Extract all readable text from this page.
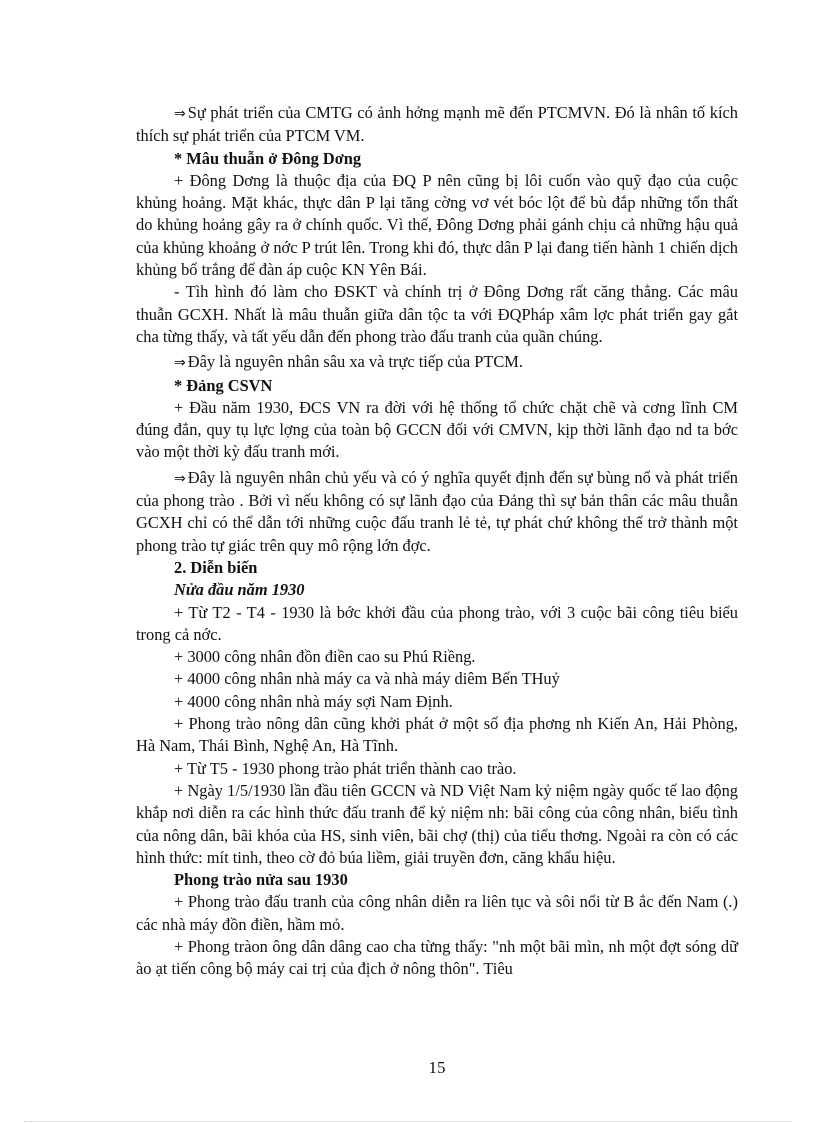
⇒ Sự phát triển của CMTG có ảnh hởng mạnh mẽ đến PTCMVN. Đó là nhân tố kích thích sự phát triển của PTCM VM.

* Mâu thuẫn ở Đông Dơng

+ Đông Dơng là thuộc địa của ĐQ P nên cũng bị lôi cuốn vào quỹ đạo của cuộc khủng hoảng. Mặt khác, thực dân P lại tăng cờng vơ vét bóc lột để bù đắp những tổn thất do khủng hoảng gây ra ở chính quốc. Vì thế, Đông Dơng phải gánh chịu cả những hậu quả của khủng khoảng ở nớc P trút lên. Trong khi đó, thực dân P lại đang tiến hành 1 chiến dịch khủng bố trắng để đàn áp cuộc KN Yên Bái.

- Tìh hình đó làm cho ĐSKT và chính trị ở Đông Dơng rất căng thẳng. Các mâu thuẫn GCXH. Nhất là mâu thuẫn giữa dân tộc ta với ĐQPháp xâm lợc phát triển gay gắt cha từng thấy, và tất yếu dẫn đến phong trào đấu tranh của quần chúng.

⇒ Đây là nguyên nhân sâu xa và trực tiếp của PTCM.

* Đảng CSVN

+ Đầu năm 1930, ĐCS VN ra đời với hệ thống tổ chức chặt chẽ và cơng lĩnh CM đúng đắn, quy tụ lực lợng của toàn bộ GCCN đối với CMVN, kịp thời lãnh đạo nd ta bớc vào một thời kỳ đấu tranh mới.

⇒ Đây là nguyên nhân chủ yếu và có ý nghĩa quyết định đến sự bùng nổ và phát triển của phong trào . Bởi vì nếu không có sự lãnh đạo của Đảng thì sự bản thân các mâu thuẫn GCXH chỉ có thể dẫn tới những cuộc đấu tranh lẻ tẻ, tự phát chứ không thể trở thành một phong trào tự giác trên quy mô rộng lớn đợc.

2. Diễn biến

Nửa đầu năm 1930

+ Từ T2 - T4 - 1930 là bớc khởi đầu của phong trào, với 3 cuộc bãi công tiêu biểu trong cả nớc.

+ 3000 công nhân đồn điền cao su Phú Riềng.

+ 4000 công nhân nhà máy ca và nhà máy diêm Bến THuỷ

+ 4000 công nhân nhà máy sợi Nam Định.

+ Phong trào nông dân cũng khởi phát ở một số địa phơng nh Kiến An, Hải Phòng, Hà Nam, Thái Bình, Nghệ An, Hà Tĩnh.

+ Từ T5 - 1930 phong trào phát triển thành cao trào.

+ Ngày 1/5/1930 lần đầu tiên GCCN và ND Việt Nam kỷ niệm ngày quốc tế lao động khắp nơi diễn ra các hình thức đấu tranh để kỷ niệm nh: bãi công của công nhân, biểu tình của nông dân, bãi khóa của HS, sinh viên, bãi chợ (thị) của tiểu thơng. Ngoài ra còn có các hình thức: mít tinh, theo cờ đỏ búa liềm, giải truyền đơn, căng khẩu hiệu.

Phong trào nửa sau 1930

+ Phong trào đấu tranh của công nhân diễn ra liên tục và sôi nổi từ B ắc đến Nam (.) các nhà máy đồn điền, hầm mỏ.

+ Phong tràon ông dân dâng cao cha từng thấy: "nh một bãi mìn, nh một đợt sóng dữ ào ạt tiến công bộ máy cai trị của địch ở nông thôn". Tiêu

15
